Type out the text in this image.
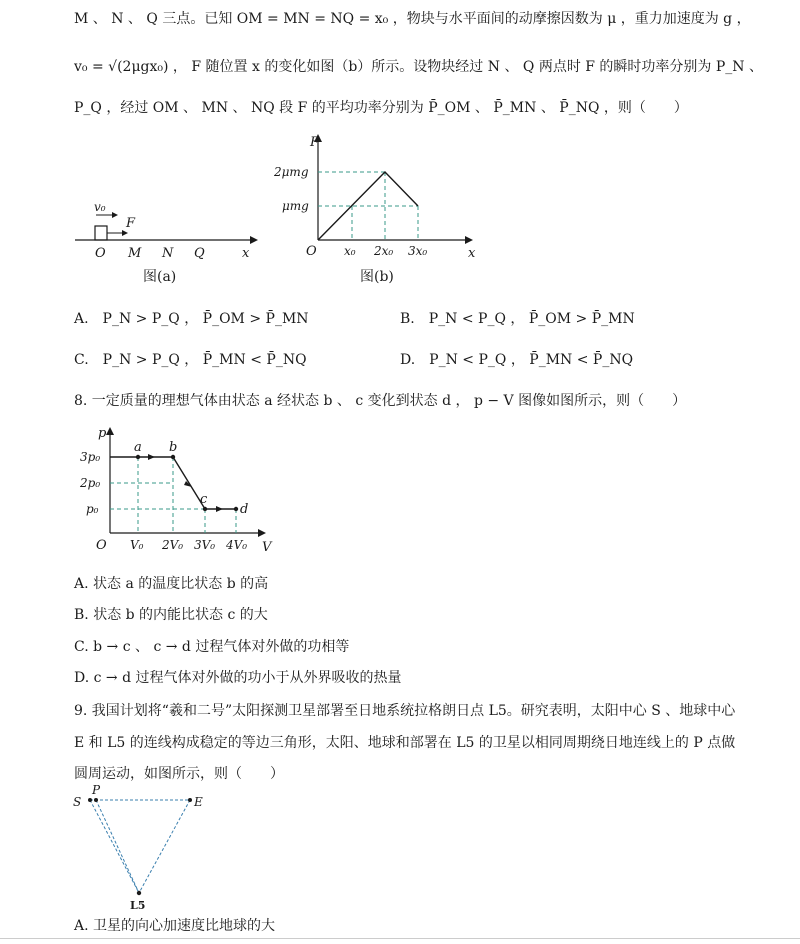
M 、 N 、 Q 三点。已知 OM = MN = NQ = x₀ ，物块与水平面间的动摩擦因数为 μ ，重力加速度为 g ，
v₀ = √(2μgx₀) ， F 随位置 x 的变化如图（b）所示。设物块经过 N 、 Q 两点时 F 的瞬时功率分别为 P_N 、
P_Q ，经过 OM 、 MN 、 NQ 段 F 的平均功率分别为 P̄_OM 、 P̄_MN 、 P̄_NQ ，则（　　）
v₀
F
O M N Q	x
图(a)
F
x
O
2μmg
μmg
x₀ 2x₀ 3x₀
图(b)
A.　P_N > P_Q ， P̄_OM > P̄_MN	B.　P_N < P_Q ， P̄_OM > P̄_MN
C.　P_N > P_Q ， P̄_MN < P̄_NQ	D.　P_N < P_Q ， P̄_MN < P̄_NQ
8. 一定质量的理想气体由状态 a 经状态 b 、 c 变化到状态 d ， p − V 图像如图所示，则（　　）
p
V
O
3p₀
2p₀
p₀
V₀ 2V₀ 3V₀ 4V₀
a b
c
d
A. 状态 a 的温度比状态 b 的高
B. 状态 b 的内能比状态 c 的大
C. b → c 、 c → d 过程气体对外做的功相等
D. c → d 过程气体对外做的功小于从外界吸收的热量
9. 我国计划将“羲和二号”太阳探测卫星部署至日地系统拉格朗日点 L5。研究表明，太阳中心 S 、地球中心
E 和 L5 的连线构成稳定的等边三角形，太阳、地球和部署在 L5 的卫星以相同周期绕日地连线上的 P 点做
圆周运动，如图所示，则（　　）
S
P
E
L5
A. 卫星的向心加速度比地球的大
